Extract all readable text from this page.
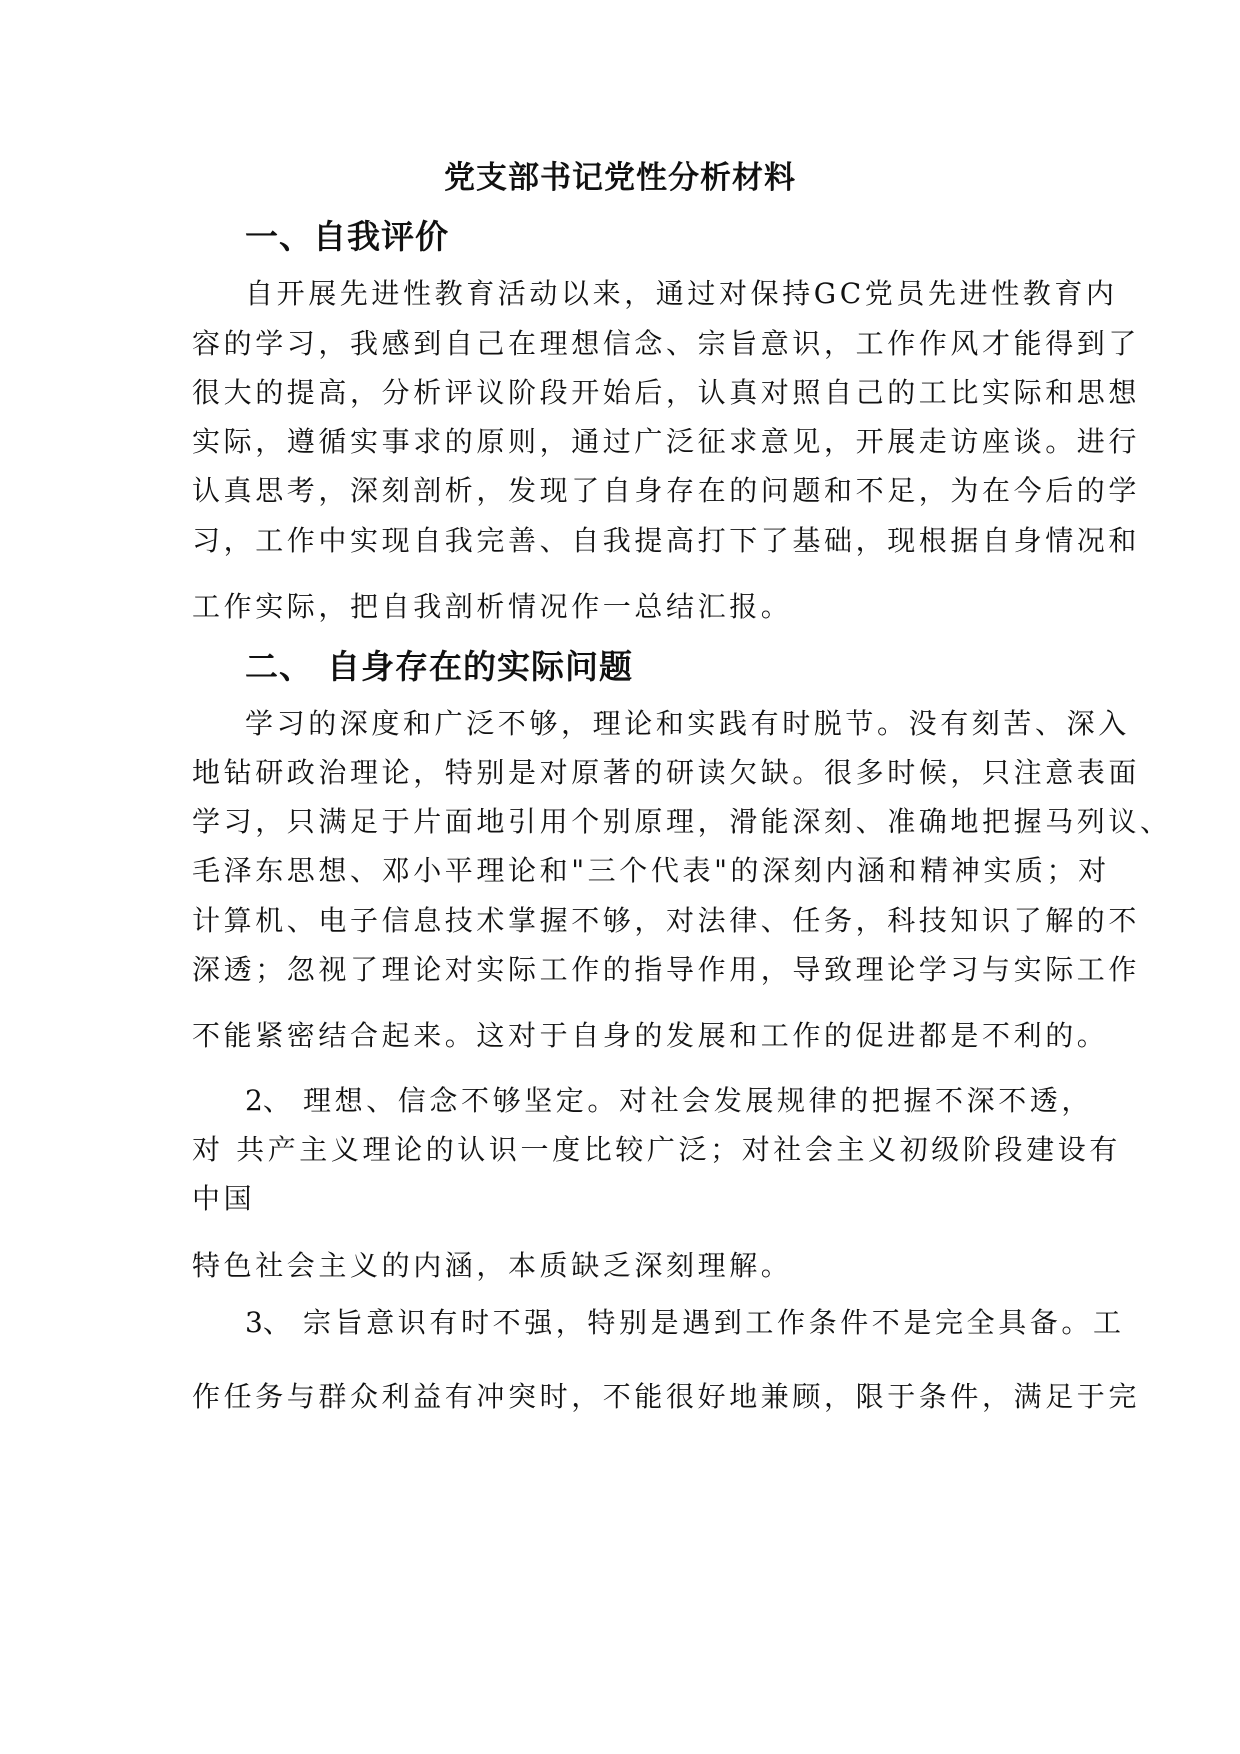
党支部书记党性分析材料
一、自我评价
自开展先进性教育活动以来，通过对保持GC党员先进性教育内
容的学习，我感到自己在理想信念、宗旨意识，工作作风才能得到了
很大的提高，分析评议阶段开始后，认真对照自己的工比实际和思想
实际，遵循实事求的原则，通过广泛征求意见，开展走访座谈。进行
认真思考，深刻剖析，发现了自身存在的问题和不足，为在今后的学
习，工作中实现自我完善、自我提高打下了基础，现根据自身情况和
工作实际，把自我剖析情况作一总结汇报。
二、 自身存在的实际问题
学习的深度和广泛不够，理论和实践有时脱节。没有刻苦、深入
地钻研政治理论，特别是对原著的研读欠缺。很多时候，只注意表面
学习，只满足于片面地引用个别原理，滑能深刻、准确地把握马列议、
毛泽东思想、邓小平理论和"三个代表"的深刻内涵和精神实质；对
计算机、电子信息技术掌握不够，对法律、任务，科技知识了解的不
深透；忽视了理论对实际工作的指导作用，导致理论学习与实际工作
不能紧密结合起来。这对于自身的发展和工作的促进都是不利的。
2、 理想、信念不够坚定。对社会发展规律的把握不深不透，
对 共产主义理论的认识一度比较广泛；对社会主义初级阶段建设有
中国
特色社会主义的内涵，本质缺乏深刻理解。
3、 宗旨意识有时不强，特别是遇到工作条件不是完全具备。工
作任务与群众利益有冲突时，不能很好地兼顾，限于条件，满足于完
